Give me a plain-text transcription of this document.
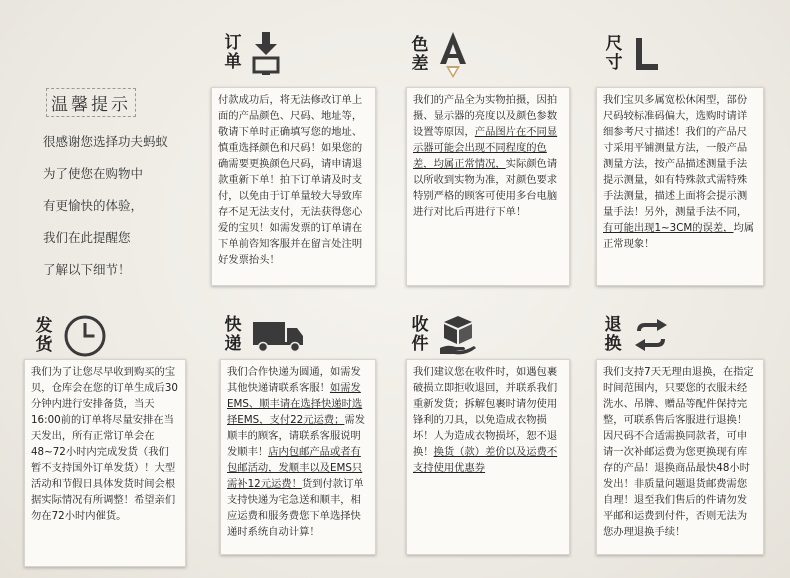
温馨提示
很感谢您选择功夫蚂蚁
为了使您在购物中
有更愉快的体验，
我们在此提醒您
了解以下细节！
订
单
付款成功后，将无法修改订单上面的产品颜色、尺码、地址等，敬请下单时正确填写您的地址、慎重选择颜色和尺码！如果您的确需要更换颜色尺码，请申请退款重新下单！拍下订单请及时支付，以免由于订单量较大导致库存不足无法支付，无法获得您心爱的宝贝！如需发票的订单请在下单前咨知客服并在留言处注明好发票抬头！
色
差
我们的产品全为实物拍摄，因拍摄、显示器的亮度以及颜色参数设置等原因，产品图片在不同显示器可能会出现不同程度的色差，均属正常情况，实际颜色请以所收到实物为准，对颜色要求特别严格的顾客可使用多台电脑进行对比后再进行下单！
尺
寸
我们宝贝多属宽松休闲型，部份尺码较标准码偏大，选购时请详细参考尺寸描述！我们的产品尺寸采用平铺测量方法，一般产品测量方法，按产品描述测量手法提示测量，如有特殊款式需特殊手法测量，描述上面将会提示测量手法！另外，测量手法不同，有可能出现1~3CM的误差，均属正常现象！
发
货
我们为了让您尽早收到购买的宝贝，仓库会在您的订单生成后30分钟内进行安排备货，当天16:00前的订单将尽量安排在当天发出，所有正常订单会在48~72小时内完成发货（我们暂不支持国外订单发货）！大型活动和节假日具体发货时间会根据实际情况有所调整！希望亲们勿在72小时内催货。
快
递
我们合作快递为圆通，如需发其他快递请联系客服！如需发EMS、顺丰请在选择快递时选择EMS，支付22元运费；需发顺丰的顾客，请联系客服说明发顺丰！店内包邮产品或者有包邮活动，发顺丰以及EMS只需补12元运费！货到付款订单支持快递为宅急送和顺丰，相应运费和服务费您下单选择快递时系统自动计算！
收
件
我们建议您在收件时，如遇包裹破损立即拒收退回，并联系我们重新发货；拆解包裹时请勿使用锋利的刀具，以免造成衣物损坏！人为造成衣物损坏，恕不退换！换货（款）差价以及运费不支持使用优惠券
退
换
我们支持7天无理由退换，在指定时间范围内，只要您的衣服未经洗水、吊牌、赠品等配件保持完整，可联系售后客服进行退换！因尺码不合适需换同款者，可申请一次补邮运费为您更换现有库存的产品！退换商品最快48小时发出！非质量问题退货邮费需您自理！退至我们售后的件请勿发平邮和运费到付件，否则无法为您办理退换手续！
